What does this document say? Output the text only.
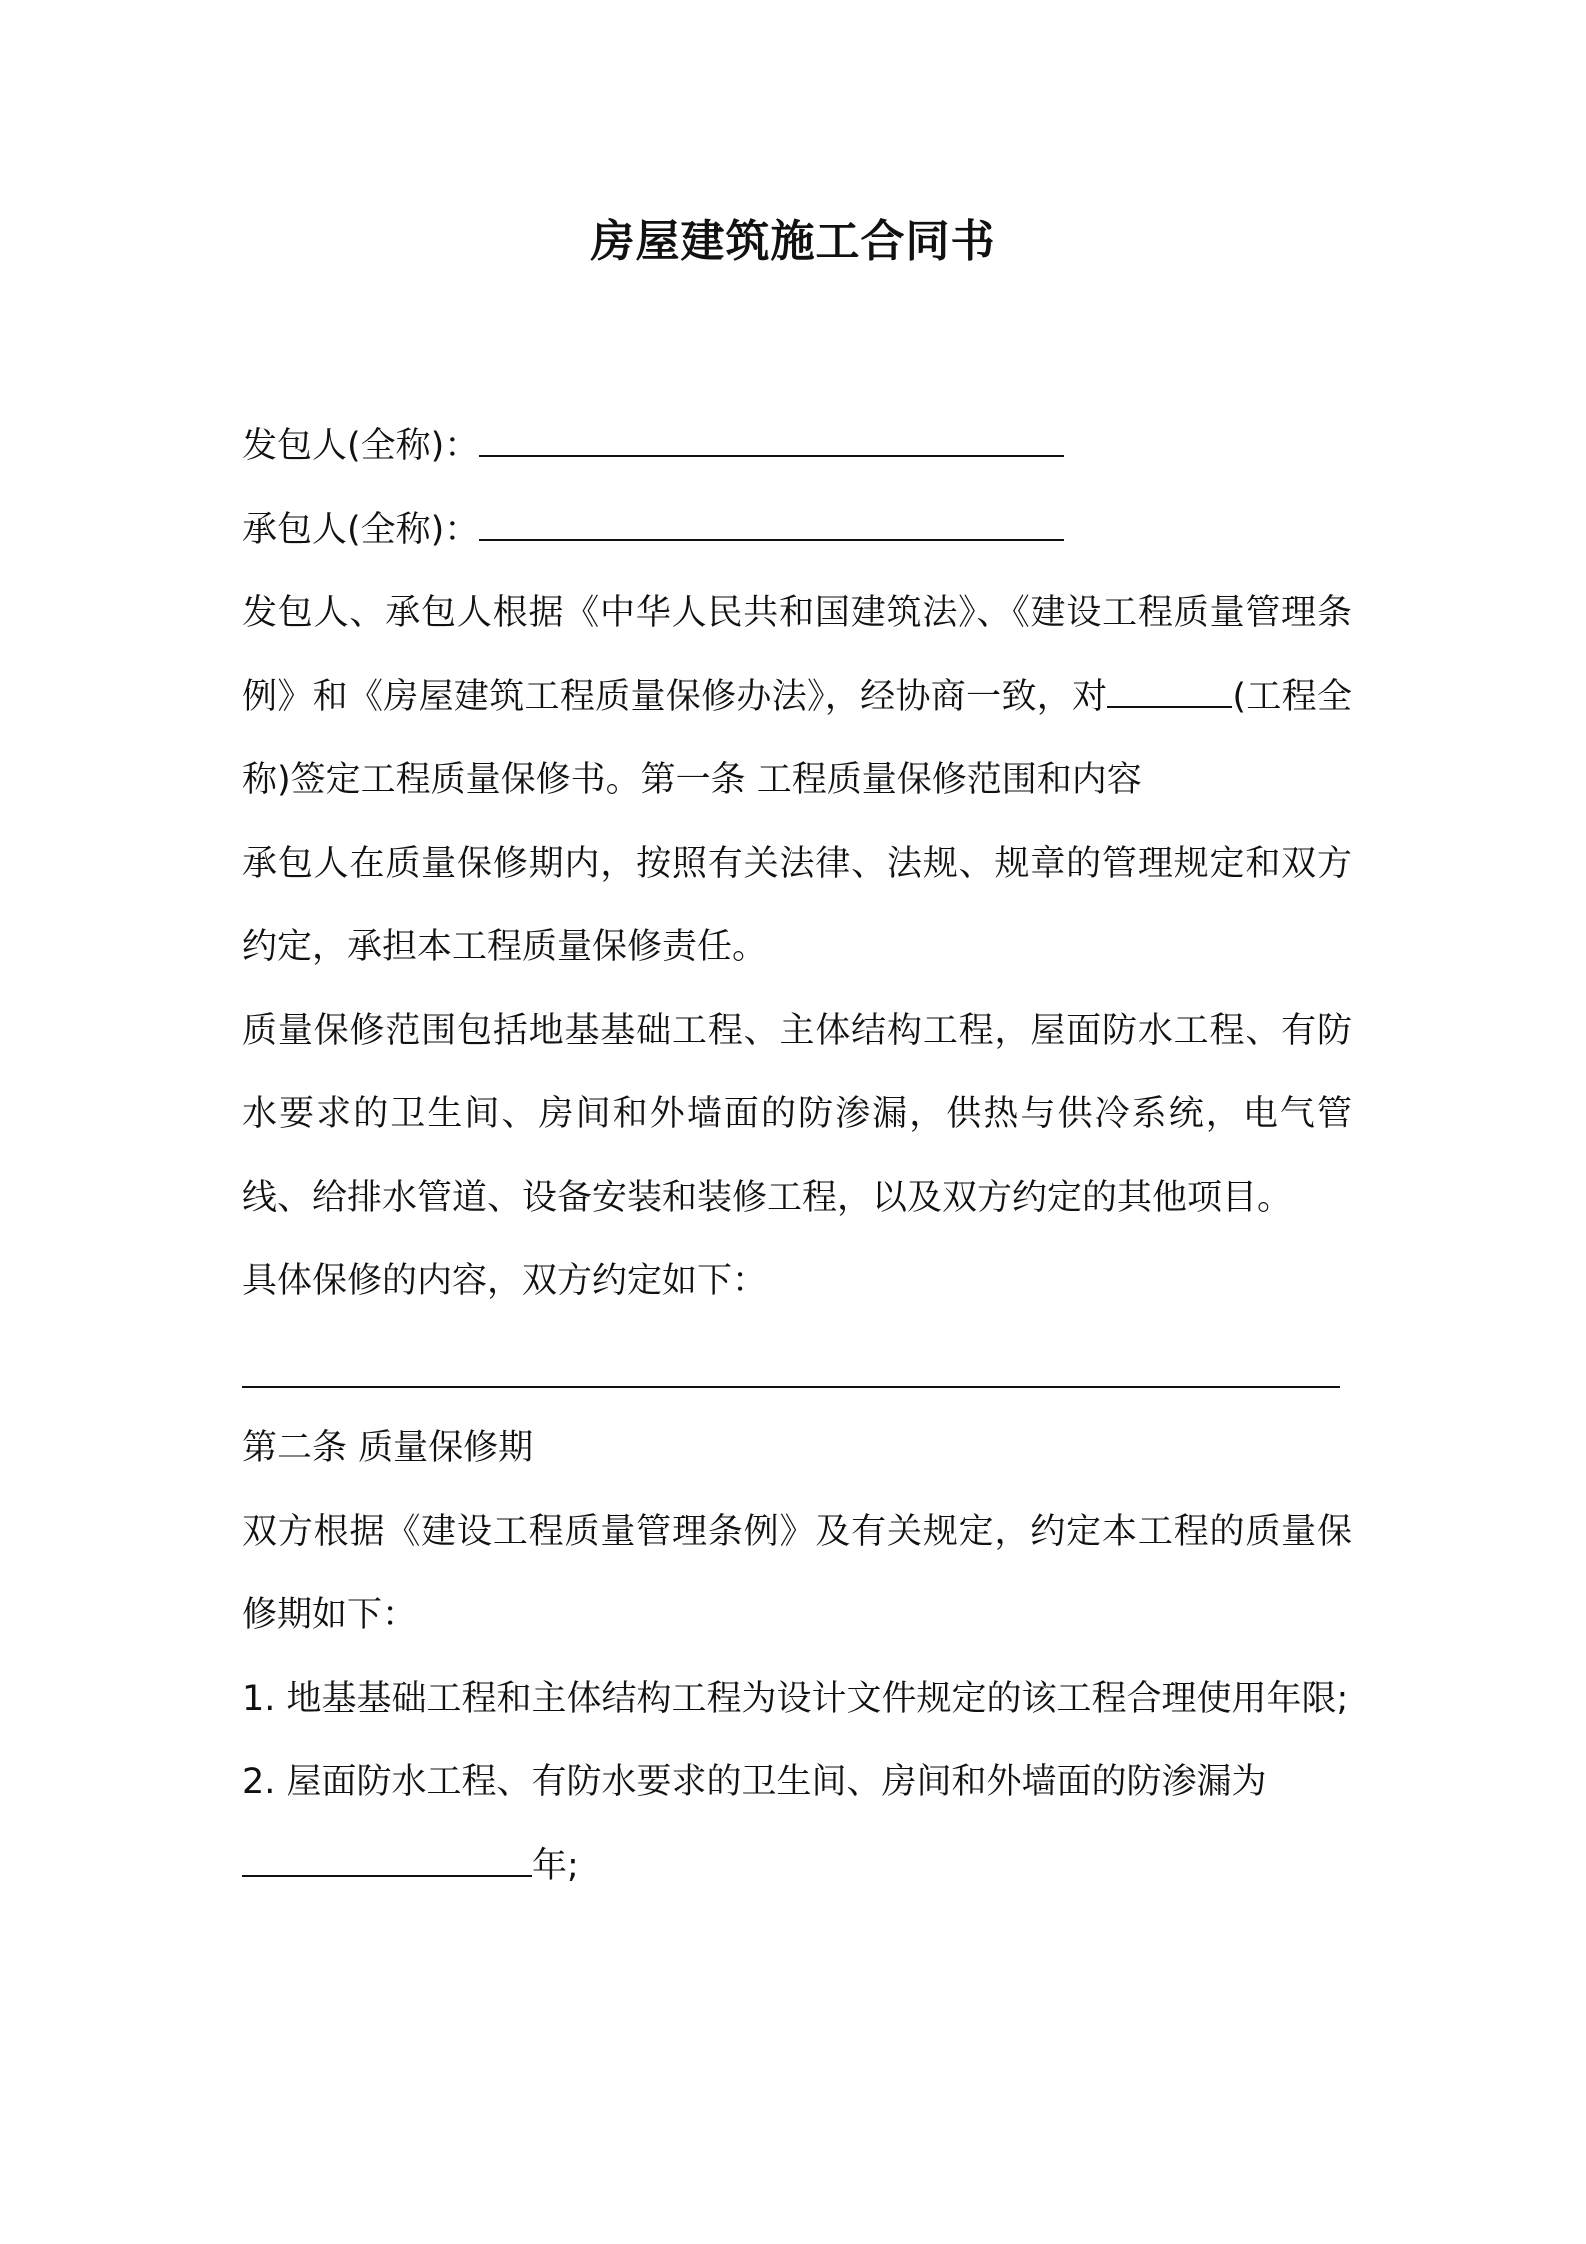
房屋建筑施工合同书

发包人(全称)：

承包人(全称)：

发包人、承包人根据《中华人民共和国建筑法》、《建设工程质量管理条例》和《房屋建筑工程质量保修办法》，经协商一致，对	(工程全称)签定工程质量保修书。第一条 工程质量保修范围和内容

承包人在质量保修期内，按照有关法律、法规、规章的管理规定和双方约定，承担本工程质量保修责任。

质量保修范围包括地基基础工程、主体结构工程，屋面防水工程、有防水要求的卫生间、房间和外墙面的防渗漏，供热与供冷系统，电气管线、给排水管道、设备安装和装修工程，以及双方约定的其他项目。

具体保修的内容，双方约定如下：

第二条 质量保修期

双方根据《建设工程质量管理条例》及有关规定，约定本工程的质量保修期如下：

1. 地基基础工程和主体结构工程为设计文件规定的该工程合理使用年限;

2. 屋面防水工程、有防水要求的卫生间、房间和外墙面的防渗漏为
年;
